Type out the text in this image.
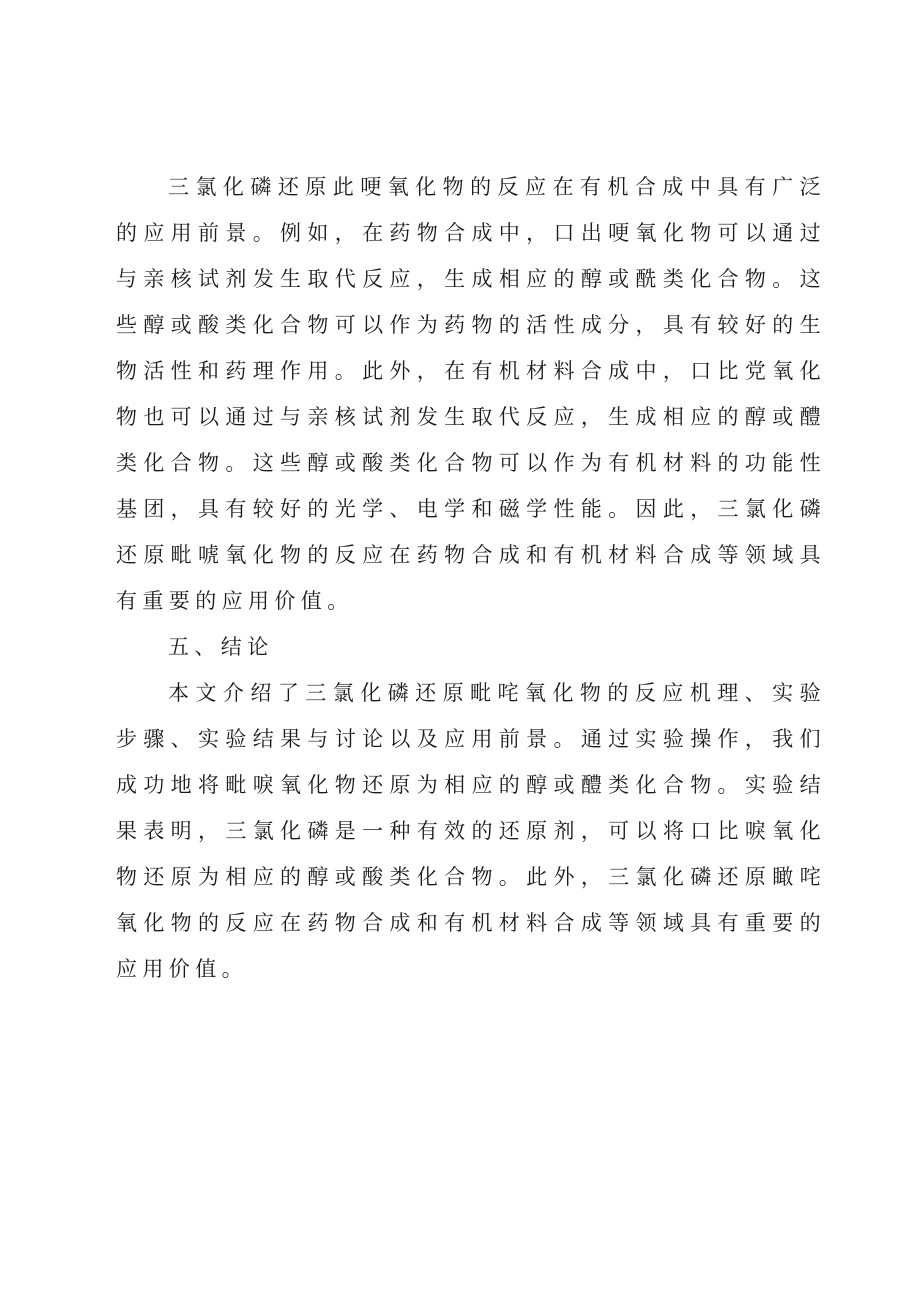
三氯化磷还原此哽氧化物的反应在有机合成中具有广泛的应用前景。例如，在药物合成中，口出哽氧化物可以通过与亲核试剂发生取代反应，生成相应的醇或酰类化合物。这些醇或酸类化合物可以作为药物的活性成分，具有较好的生物活性和药理作用。此外，在有机材料合成中，口比党氧化物也可以通过与亲核试剂发生取代反应，生成相应的醇或醴类化合物。这些醇或酸类化合物可以作为有机材料的功能性基团，具有较好的光学、电学和磁学性能。因此，三氯化磷还原毗唬氧化物的反应在药物合成和有机材料合成等领域具有重要的应用价值。

五、结论

本文介绍了三氯化磷还原毗咤氧化物的反应机理、实验步骤、实验结果与讨论以及应用前景。通过实验操作，我们成功地将毗唳氧化物还原为相应的醇或醴类化合物。实验结果表明，三氯化磷是一种有效的还原剂，可以将口比唳氧化物还原为相应的醇或酸类化合物。此外，三氯化磷还原瞰咤氧化物的反应在药物合成和有机材料合成等领域具有重要的应用价值。
